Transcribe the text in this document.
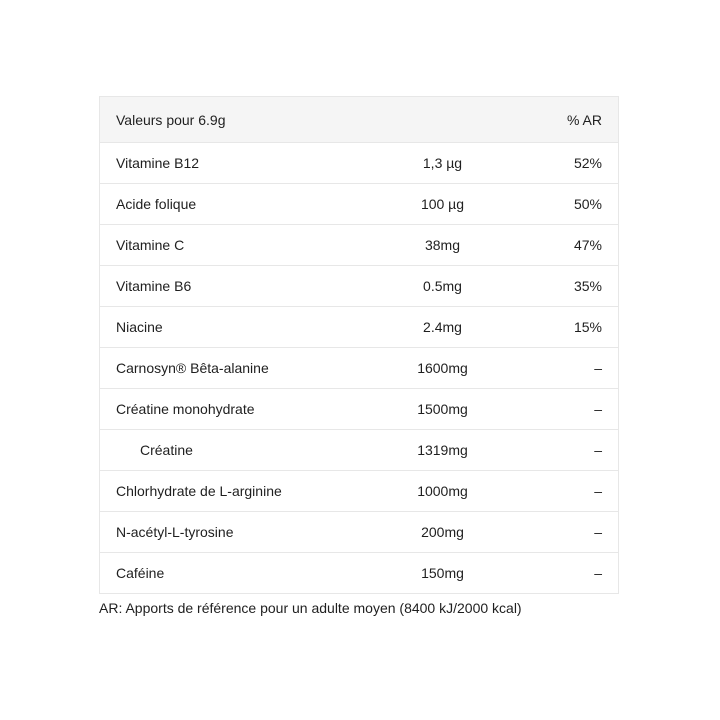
Valeurs pour 6.9g		% AR
Vitamine B12	1,3 µg	52%
Acide folique	100 µg	50%
Vitamine C	38mg	47%
Vitamine B6	0.5mg	35%
Niacine	2.4mg	15%
Carnosyn® Bêta-alanine	1600mg	–
Créatine monohydrate	1500mg	–
Créatine	1319mg	–
Chlorhydrate de L-arginine	1000mg	–
N-acétyl-L-tyrosine	200mg	–
Caféine	150mg	–
AR: Apports de référence pour un adulte moyen (8400 kJ/2000 kcal)
